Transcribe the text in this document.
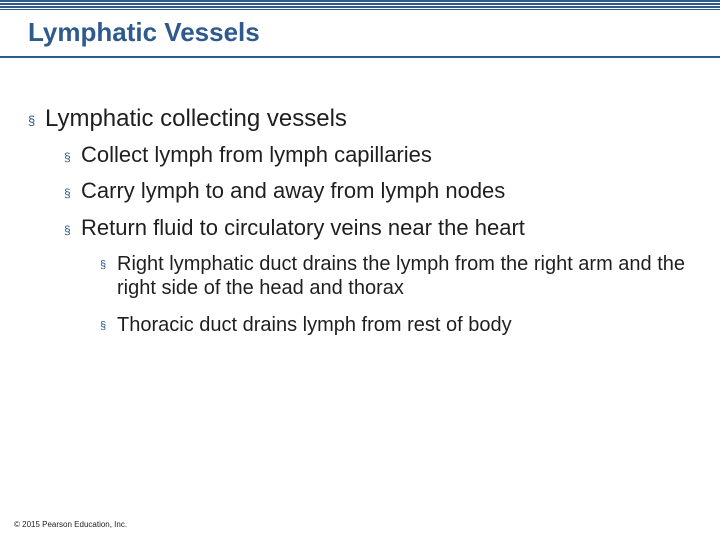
Lymphatic Vessels
§ Lymphatic collecting vessels
§ Collect lymph from lymph capillaries
§ Carry lymph to and away from lymph nodes
§ Return fluid to circulatory veins near the heart
§ Right lymphatic duct drains the lymph from the right arm and the right side of the head and thorax
§ Thoracic duct drains lymph from rest of body
© 2015 Pearson Education, Inc.
